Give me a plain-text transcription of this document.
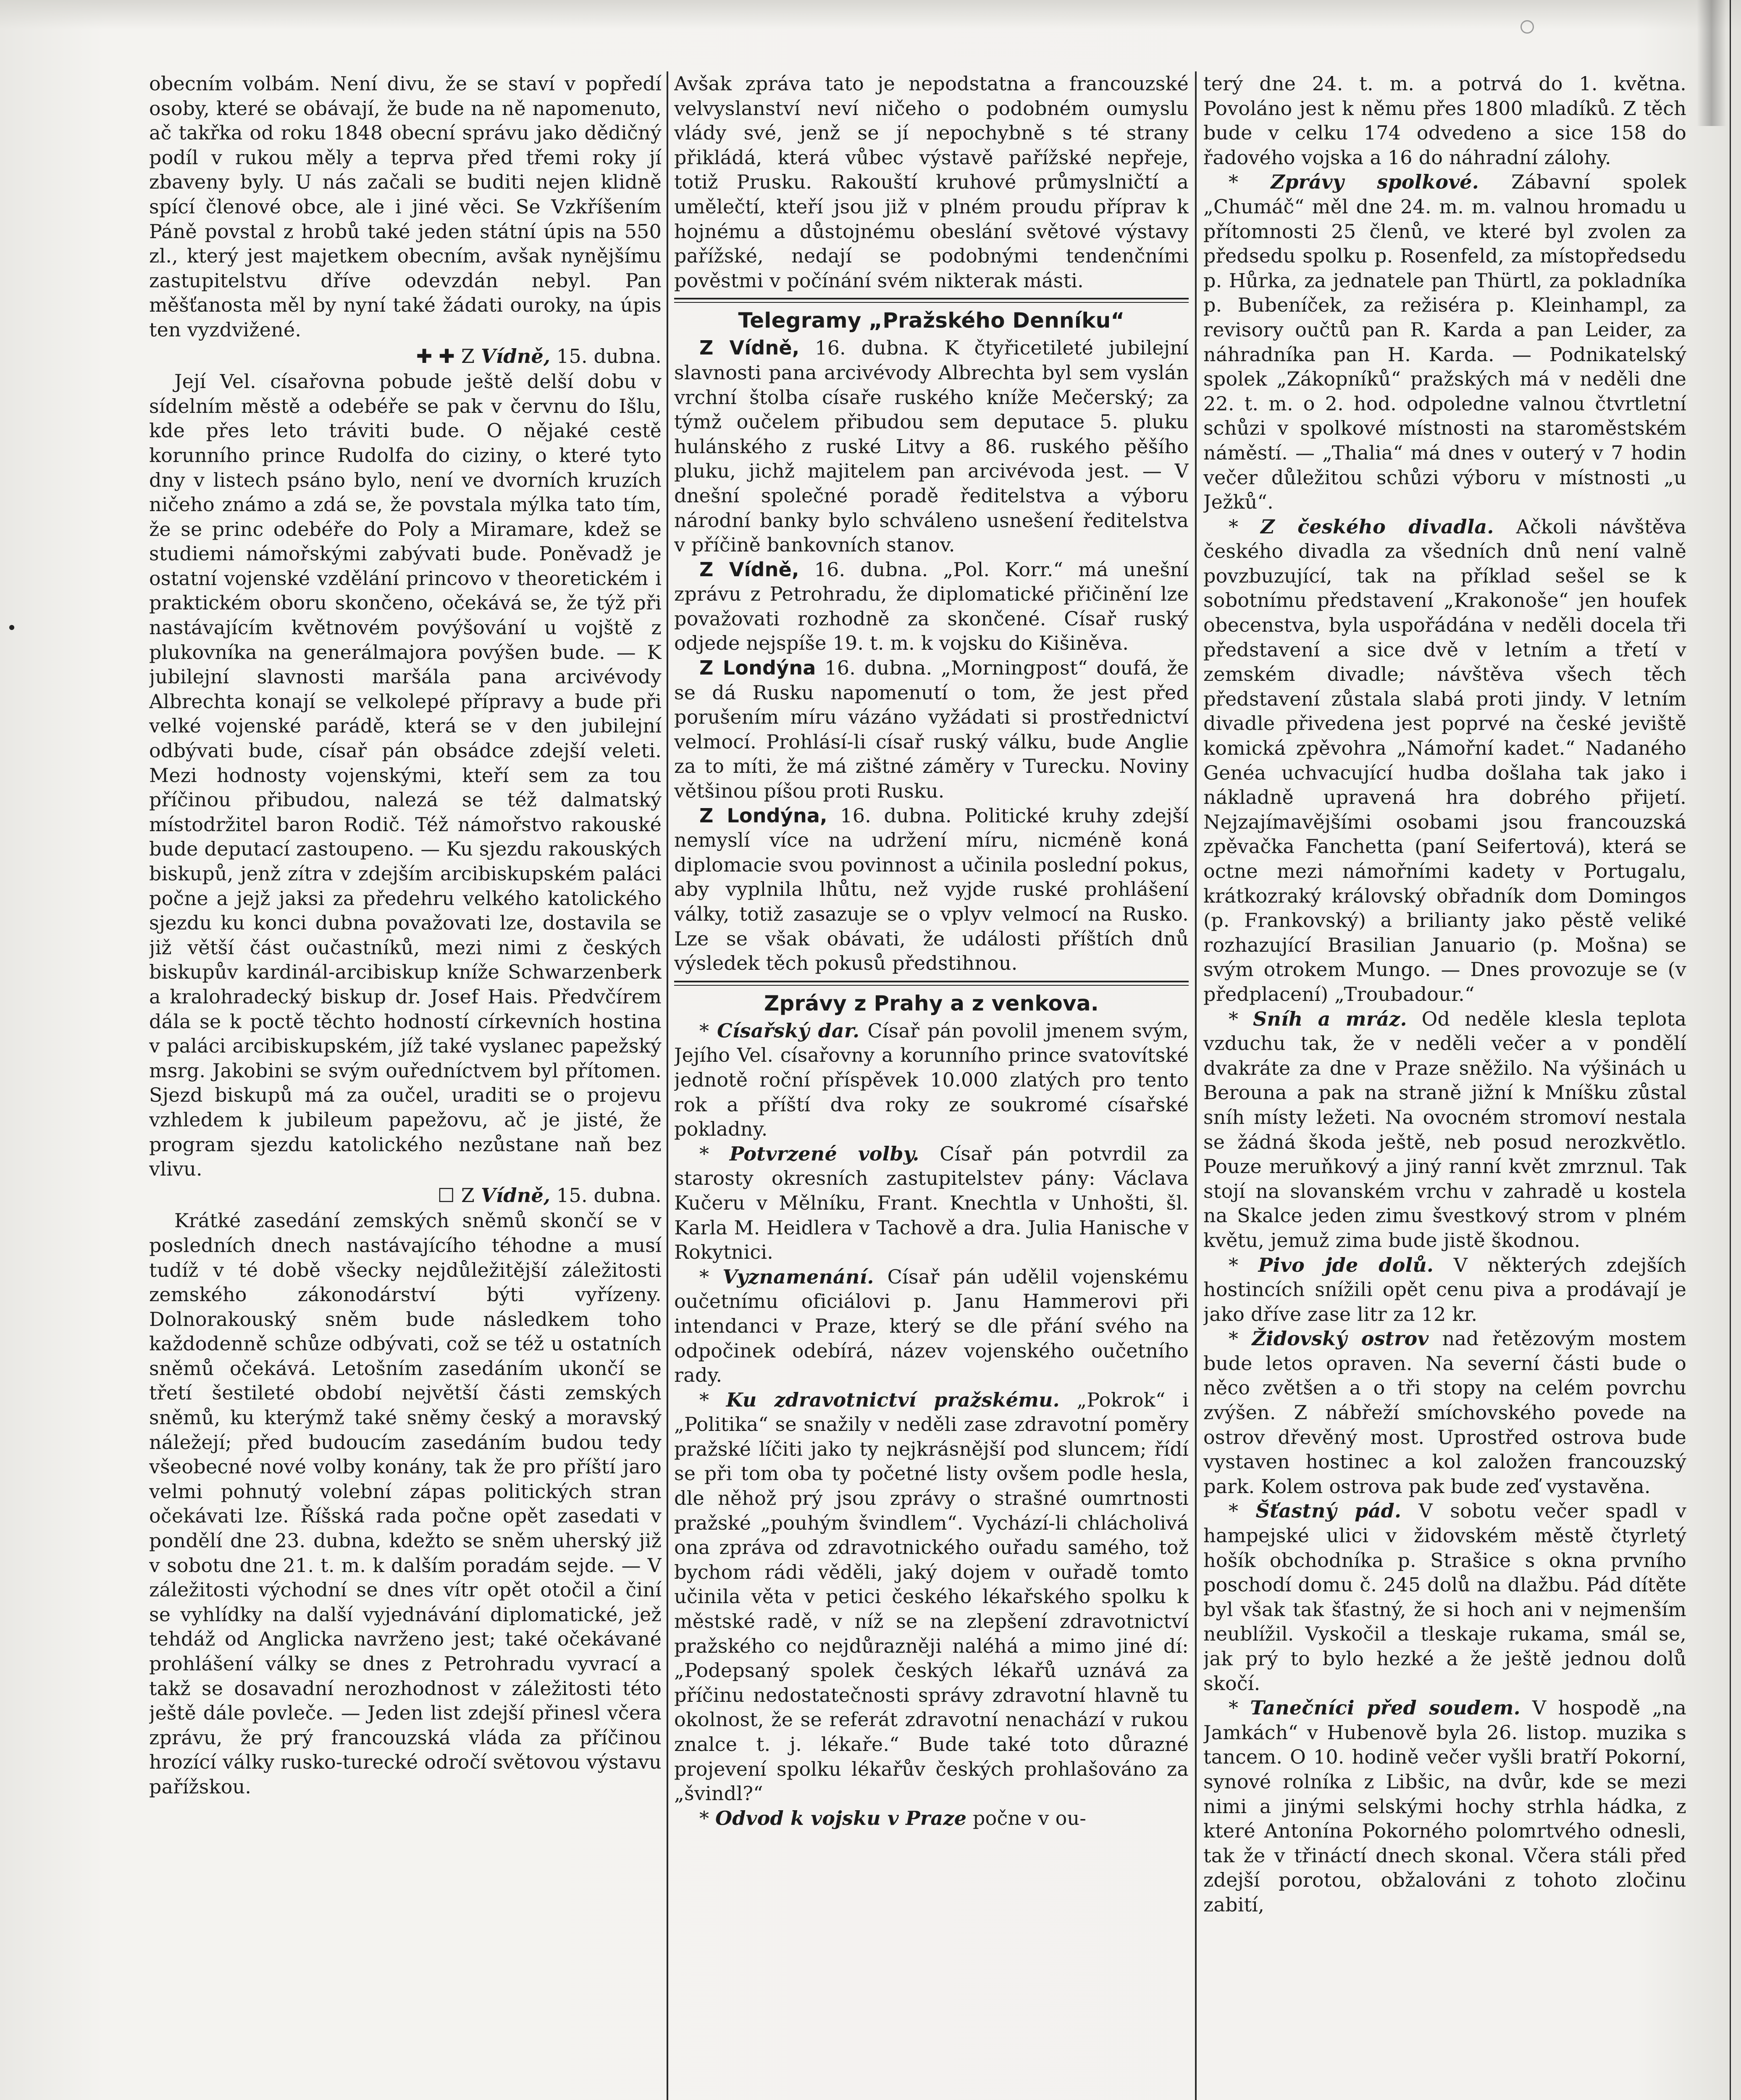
obecním volbám. Není divu, že se staví v popředí osoby, které se obávají, že bude na ně napomenuto, ač takřka od roku 1848 obecní správu jako dědičný podíl v rukou měly a teprva před třemi roky jí zbaveny byly. U nás začali se buditi nejen klidně spící členové obce, ale i jiné věci. Se Vzkříšením Páně povstal z hrobů také jeden státní úpis na 550 zl., který jest majetkem obecním, avšak nynějšímu zastupitelstvu dříve odevzdán nebyl. Pan měšťanosta měl by nyní také žádati ouroky, na úpis ten vyzdvižené.

✚ ✚ Z Vídně, 15. dubna.

Její Vel. císařovna pobude ještě delší dobu v sídelním městě a odebéře se pak v červnu do Išlu, kde přes leto tráviti bude. O nějaké cestě korunního prince Rudolfa do ciziny, o které tyto dny v listech psáno bylo, není ve dvorních kruzích ničeho známo a zdá se, že povstala mýlka tato tím, že se princ odebéře do Poly a Miramare, kdež se studiemi námořskými zabývati bude. Poněvadž je ostatní vojenské vzdělání princovo v theoretickém i praktickém oboru skončeno, očekává se, že týž při nastávajícím květnovém povýšování u vojště z plukovníka na generálmajora povýšen bude. — K jubilejní slavnosti maršála pana arcivévody Albrechta konají se velkolepé přípravy a bude při velké vojenské parádě, která se v den jubilejní odbývati bude, císař pán obsádce zdejší veleti. Mezi hodnosty vojenskými, kteří sem za tou příčinou přibudou, nalezá se též dalmatský místodržitel baron Rodič. Též námořstvo rakouské bude deputací zastoupeno. — Ku sjezdu rakouských biskupů, jenž zítra v zdejším arcibiskupském paláci počne a jejž jaksi za předehru velkého katolického sjezdu ku konci dubna považovati lze, dostavila se již větší část oučastníků, mezi nimi z českých biskupův kardinál-arcibiskup kníže Schwarzenberk a kralohradecký biskup dr. Josef Hais. Předvčírem dála se k poctě těchto hodností církevních hostina v paláci arcibiskupském, jíž také vyslanec papežský msrg. Jakobini se svým ouředníctvem byl přítomen. Sjezd biskupů má za oučel, uraditi se o projevu vzhledem k jubileum papežovu, ač je jisté, že program sjezdu katolického nezůstane naň bez vlivu.

☐ Z Vídně, 15. dubna.

Krátké zasedání zemských sněmů skončí se v posledních dnech nastávajícího téhodne a musí tudíž v té době všecky nejdůležitější záležitosti zemského zákonodárství býti vyřízeny. Dolnorakouský sněm bude následkem toho každodenně schůze odbývati, což se též u ostatních sněmů očekává. Letošním zasedáním ukončí se třetí šestileté období největší části zemských sněmů, ku kterýmž také sněmy český a moravský náležejí; před budoucím zasedáním budou tedy všeobecné nové volby konány, tak že pro příští jaro velmi pohnutý volební zápas politických stran očekávati lze. Říšská rada počne opět zasedati v pondělí dne 23. dubna, kdežto se sněm uherský již v sobotu dne 21. t. m. k dalším poradám sejde. — V záležitosti východní se dnes vítr opět otočil a činí se vyhlídky na další vyjednávání diplomatické, jež tehdáž od Anglicka navrženo jest; také očekávané prohlášení války se dnes z Petrohradu vyvrací a takž se dosavadní nerozhodnost v záležitosti této ještě dále povleče. — Jeden list zdejší přinesl včera zprávu, že prý francouzská vláda za příčinou hrozící války rusko-turecké odročí světovou výstavu pařížskou.

Avšak zpráva tato je nepodstatna a francouzské velvyslanství neví ničeho o podobném oumyslu vlády své, jenž se jí nepochybně s té strany přikládá, která vůbec výstavě pařížské nepřeje, totiž Prusku. Rakouští kruhové průmyslničtí a umělečtí, kteří jsou již v plném proudu příprav k hojnému a důstojnému obeslání světové výstavy pařížské, nedají se podobnými tendenčními pověstmi v počínání svém nikterak másti.

Telegramy „Pražského Denníku“

Z Vídně, 16. dubna. K čtyřicetileté jubilejní slavnosti pana arcivévody Albrechta byl sem vyslán vrchní štolba císaře ruského kníže Mečerský; za týmž oučelem přibudou sem deputace 5. pluku hulánského z ruské Litvy a 86. ruského pěšího pluku, jichž majitelem pan arcivévoda jest. — V dnešní společné poradě ředitelstva a výboru národní banky bylo schváleno usnešení ředitelstva v příčině bankovních stanov.

Z Vídně, 16. dubna. „Pol. Korr.“ má unešní zprávu z Petrohradu, že diplomatické přičinění lze považovati rozhodně za skončené. Císař ruský odjede nejspíše 19. t. m. k vojsku do Kišiněva.

Z Londýna 16. dubna. „Morningpost“ doufá, že se dá Rusku napomenutí o tom, že jest před porušením míru vázáno vyžádati si prostřednictví velmocí. Prohlásí-li císař ruský válku, bude Anglie za to míti, že má zištné záměry v Turecku. Noviny většinou píšou proti Rusku.

Z Londýna, 16. dubna. Politické kruhy zdejší nemyslí více na udržení míru, nicméně koná diplomacie svou povinnost a učinila poslední pokus, aby vyplnila lhůtu, než vyjde ruské prohlášení války, totiž zasazuje se o vplyv velmocí na Rusko. Lze se však obávati, že události příštích dnů výsledek těch pokusů předstihnou.

Zprávy z Prahy a z venkova.

* Císařský dar. Císař pán povolil jmenem svým, Jejího Vel. císařovny a korunního prince svatovítské jednotě roční příspěvek 10.000 zlatých pro tento rok a příští dva roky ze soukromé císařské pokladny.

* Potvrzené volby. Císař pán potvrdil za starosty okresních zastupitelstev pány: Václava Kučeru v Mělníku, Frant. Knechtla v Unhošti, šl. Karla M. Heidlera v Tachově a dra. Julia Hanische v Rokytnici.

* Vyznamenání. Císař pán udělil vojenskému oučetnímu oficiálovi p. Janu Hammerovi při intendanci v Praze, který se dle přání svého na odpočinek odebírá, název vojenského oučetního rady.

* Ku zdravotnictví pražskému. „Pokrok“ i „Politika“ se snažily v neděli zase zdravotní poměry pražské líčiti jako ty nejkrásnější pod sluncem; řídí se při tom oba ty početné listy ovšem podle hesla, dle něhož prý jsou zprávy o strašné oumrtnosti pražské „pouhým švindlem“. Vychází-li chlácholivá ona zpráva od zdravotnického ouřadu samého, tož bychom rádi věděli, jaký dojem v ouřadě tomto učinila věta v petici českého lékařského spolku k městské radě, v níž se na zlepšení zdravotnictví pražského co nejdůrazněji naléhá a mimo jiné dí: „Podepsaný spolek českých lékařů uznává za příčinu nedostatečnosti správy zdravotní hlavně tu okolnost, že se referát zdravotní nenachází v rukou znalce t. j. lékaře.“ Bude také toto důrazné projevení spolku lékařův českých prohlašováno za „švindl?“

* Odvod k vojsku v Praze počne v ou-

terý dne 24. t. m. a potrvá do 1. května. Povoláno jest k němu přes 1800 mladíků. Z těch bude v celku 174 odvedeno a sice 158 do řadového vojska a 16 do náhradní zálohy.

* Zprávy spolkové. Zábavní spolek „Chumáč“ měl dne 24. m. m. valnou hromadu u přítomnosti 25 členů, ve které byl zvolen za předsedu spolku p. Rosenfeld, za místopředsedu p. Hůrka, za jednatele pan Thürtl, za pokladníka p. Bubeníček, za režiséra p. Kleinhampl, za revisory oučtů pan R. Karda a pan Leider, za náhradníka pan H. Karda. — Podnikatelský spolek „Zákopníků“ pražských má v neděli dne 22. t. m. o 2. hod. odpoledne valnou čtvrtletní schůzi v spolkové místnosti na staroměstském náměstí. — „Thalia“ má dnes v outerý v 7 hodin večer důležitou schůzi výboru v místnosti „u Ježků“.

* Z českého divadla. Ačkoli návštěva českého divadla za všedních dnů není valně povzbuzující, tak na příklad sešel se k sobotnímu představení „Krakonoše“ jen houfek obecenstva, byla uspořádána v neděli docela tři představení a sice dvě v letním a třetí v zemském divadle; návštěva všech těch představení zůstala slabá proti jindy. V letním divadle přivedena jest poprvé na české jeviště komická zpěvohra „Námořní kadet.“ Nadaného Genéa uchvacující hudba došlaha tak jako i nákladně upravená hra dobrého přijetí. Nejzajímavějšími osobami jsou francouzská zpěvačka Fanchetta (paní Seifertová), která se octne mezi námořními kadety v Portugalu, krátkozraký královský obřadník dom Domingos (p. Frankovský) a brilianty jako pěstě veliké rozhazující Brasilian Januario (p. Mošna) se svým otrokem Mungo. — Dnes provozuje se (v předplacení) „Troubadour.“

* Sníh a mráz. Od neděle klesla teplota vzduchu tak, že v neděli večer a v pondělí dvakráte za dne v Praze sněžilo. Na výšinách u Berouna a pak na straně jižní k Mníšku zůstal sníh místy ležeti. Na ovocném stromoví nestala se žádná škoda ještě, neb posud nerozkvětlo. Pouze meruňkový a jiný ranní květ zmrznul. Tak stojí na slovanském vrchu v zahradě u kostela na Skalce jeden zimu švestkový strom v plném květu, jemuž zima bude jistě škodnou.

* Pivo jde dolů. V některých zdejších hostincích snížili opět cenu piva a prodávají je jako dříve zase litr za 12 kr.

* Židovský ostrov nad řetězovým mostem bude letos opraven. Na severní části bude o něco zvětšen a o tři stopy na celém povrchu zvýšen. Z nábřeží smíchovského povede na ostrov dřevěný most. Uprostřed ostrova bude vystaven hostinec a kol založen francouzský park. Kolem ostrova pak bude zeď vystavěna.

* Šťastný pád. V sobotu večer spadl v hampejské ulici v židovském městě čtyrletý hošík obchodníka p. Strašice s okna prvního poschodí domu č. 245 dolů na dlažbu. Pád dítěte byl však tak šťastný, že si hoch ani v nejmenším neublížil. Vyskočil a tleskaje rukama, smál se, jak prý to bylo hezké a že ještě jednou dolů skočí.

* Tanečníci před soudem. V hospodě „na Jamkách“ v Hubenově byla 26. listop. muzika s tancem. O 10. hodině večer vyšli bratří Pokorní, synové rolníka z Libšic, na dvůr, kde se mezi nimi a jinými selskými hochy strhla hádka, z které Antonína Pokorného polomrtvého odnesli, tak že v třináctí dnech skonal. Včera stáli před zdejší porotou, obžalováni z tohoto zločinu zabití,
